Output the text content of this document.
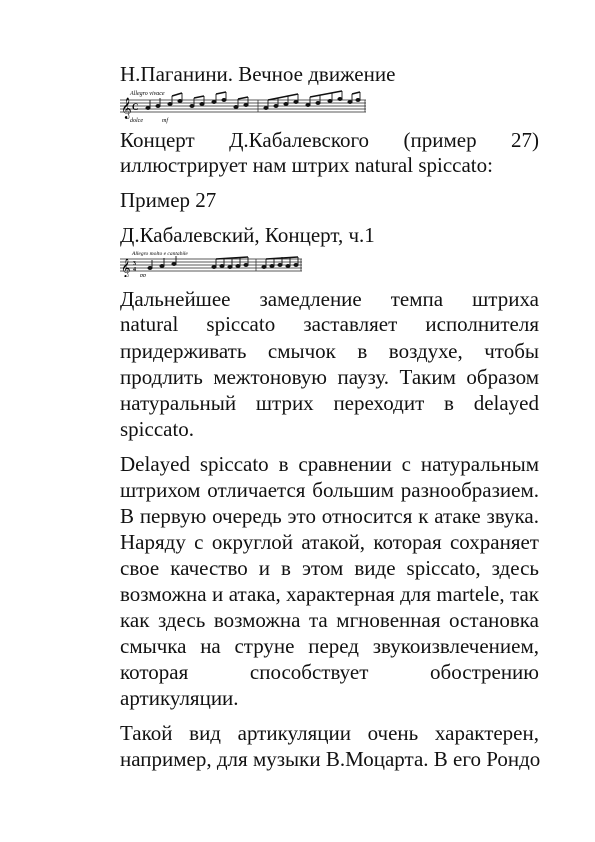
Н.Паганини. Вечное движение
Allegro vivace
𝄞 C
dolce	mf
Концерт Д.Кабалевского (пример 27)
иллюстрирует нам штрих natural spiccato:
Пример 27
Д.Кабалевский, Концерт, ч.1
Allegro molto e cantabile
𝄞 3
4
pp
Дальнейшее замедление темпа штриха
natural spiccato заставляет исполнителя
придерживать смычок в воздухе, чтобы
продлить межтоновую паузу. Таким образом
натуральный штрих переходит в delayed
spiccato.
Delayed spiccato в сравнении с натуральным
штрихом отличается большим разнообразием.
В первую очередь это относится к атаке звука.
Наряду с округлой атакой, которая сохраняет
свое качество и в этом виде spiccato, здесь
возможна и атака, характерная для martele, так
как здесь возможна та мгновенная остановка
смычка на струне перед звукоизвлечением,
которая способствует обострению
артикуляции.
Такой вид артикуляции очень характерен,
например, для музыки В.Моцарта. В его Рондо
